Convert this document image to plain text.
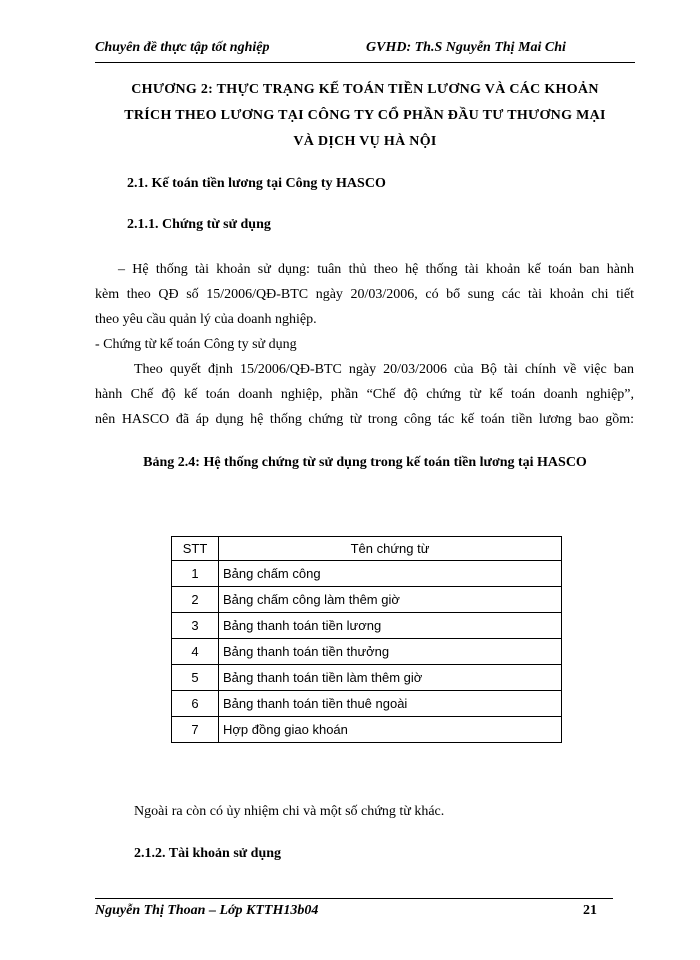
Chuyên đề thực tập tốt nghiệp	GVHD: Th.S Nguyễn Thị Mai Chi
CHƯƠNG 2: THỰC TRẠNG KẾ TOÁN TIỀN LƯƠNG VÀ CÁC KHOẢN
TRÍCH THEO LƯƠNG TẠI CÔNG TY CỔ PHẦN ĐẦU TƯ THƯƠNG MẠI
VÀ DỊCH VỤ HÀ NỘI
2.1. Kế toán tiền lương tại Công ty HASCO
2.1.1. Chứng từ sử dụng
– Hệ thống tài khoản sử dụng: tuân thủ theo hệ thống tài khoản kế toán ban hành
kèm theo QĐ số 15/2006/QĐ-BTC ngày 20/03/2006, có bổ sung các tài khoản chi tiết
theo yêu cầu quản lý của doanh nghiệp.
- Chứng từ kế toán Công ty sử dụng
Theo quyết định 15/2006/QĐ-BTC ngày 20/03/2006 của Bộ tài chính về việc ban
hành Chế độ kế toán doanh nghiệp, phần “Chế độ chứng từ kế toán doanh nghiệp”,
nên HASCO đã áp dụng hệ thống chứng từ trong công tác kế toán tiền lương bao gồm:
Bảng 2.4: Hệ thống chứng từ sử dụng trong kế toán tiền lương tại HASCO
STT	Tên chứng từ
1	Bảng chấm công
2	Bảng chấm công làm thêm giờ
3	Bảng thanh toán tiền lương
4	Bảng thanh toán tiền thưởng
5	Bảng thanh toán tiền làm thêm giờ
6	Bảng thanh toán tiền thuê ngoài
7	Hợp đồng giao khoán
Ngoài ra còn có ủy nhiệm chi và một số chứng từ khác.
2.1.2. Tài khoản sử dụng
Nguyễn Thị Thoan – Lớp KTTH13b04	21
